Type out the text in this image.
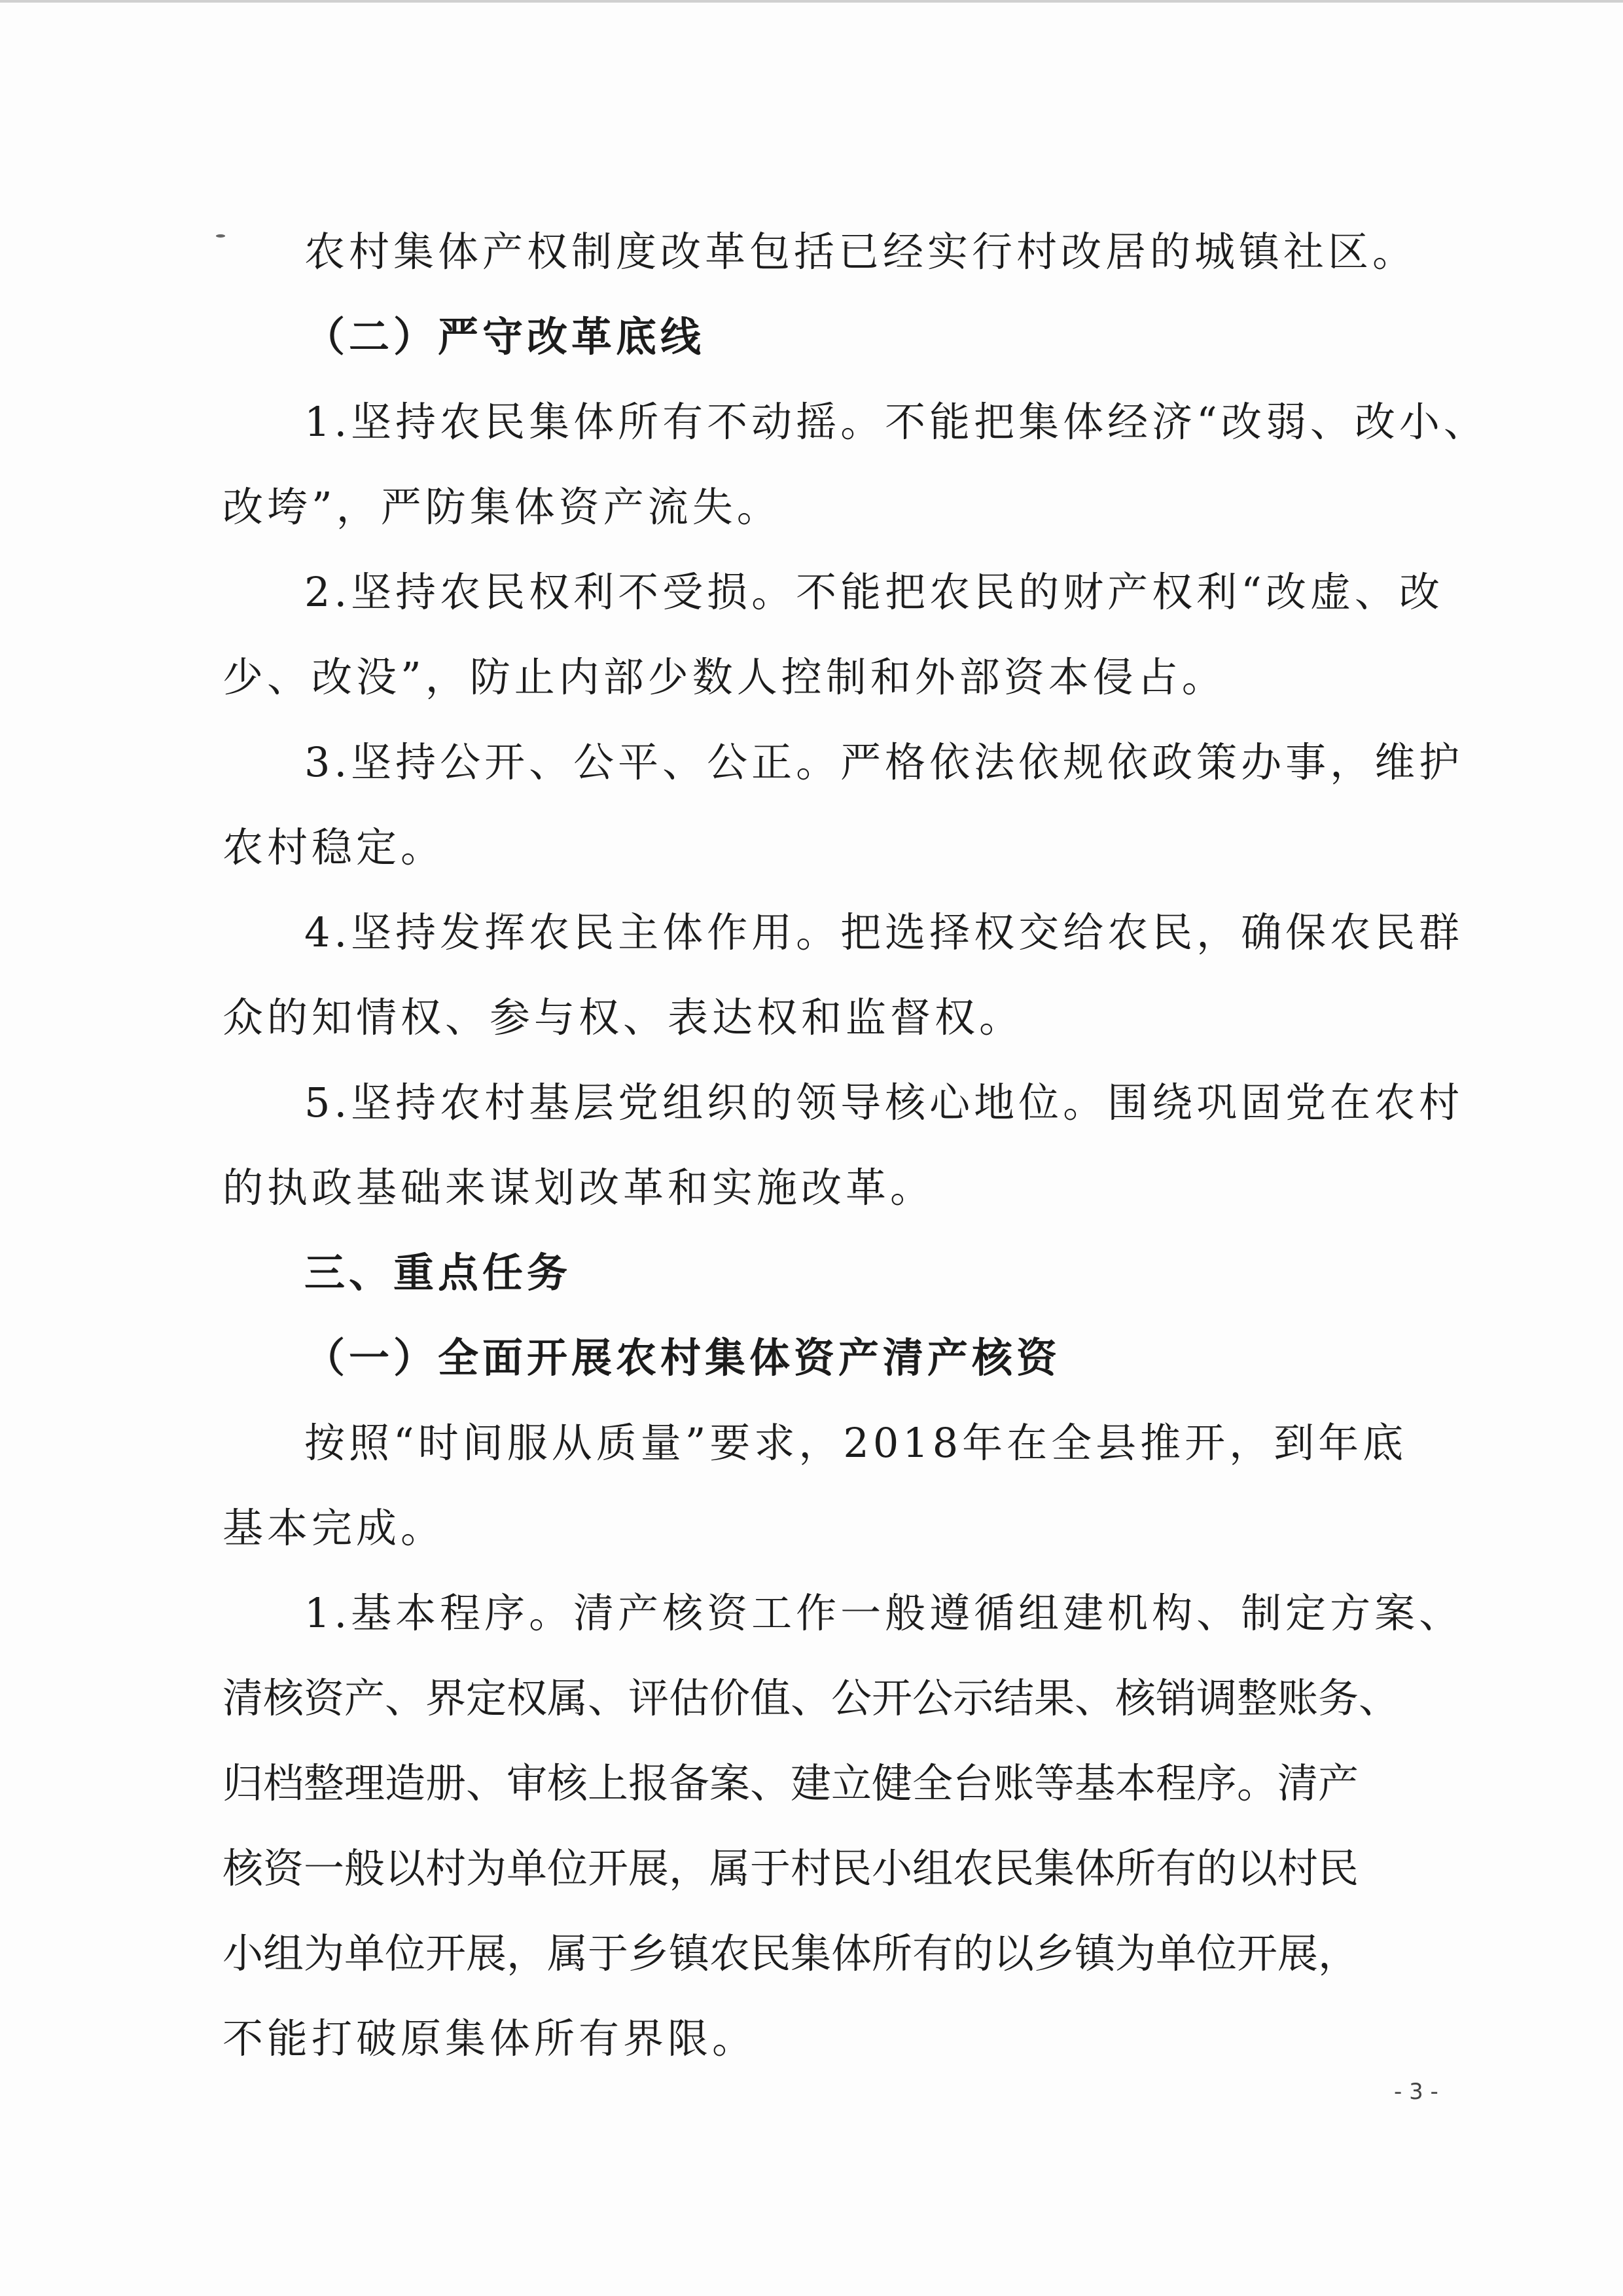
农村集体产权制度改革包括已经实行村改居的城镇社区。
（二）严守改革底线
1.坚持农民集体所有不动摇。不能把集体经济“改弱、改小、
改垮”，严防集体资产流失。
2.坚持农民权利不受损。不能把农民的财产权利“改虚、改
少、改没”，防止内部少数人控制和外部资本侵占。
3.坚持公开、公平、公正。严格依法依规依政策办事，维护
农村稳定。
4.坚持发挥农民主体作用。把选择权交给农民，确保农民群
众的知情权、参与权、表达权和监督权。
5.坚持农村基层党组织的领导核心地位。围绕巩固党在农村
的执政基础来谋划改革和实施改革。
三、重点任务
（一）全面开展农村集体资产清产核资
按照“时间服从质量”要求，2018年在全县推开，到年底
基本完成。
1.基本程序。清产核资工作一般遵循组建机构、制定方案、
清核资产、界定权属、评估价值、公开公示结果、核销调整账务、
归档整理造册、审核上报备案、建立健全台账等基本程序。清产
核资一般以村为单位开展，属于村民小组农民集体所有的以村民
小组为单位开展，属于乡镇农民集体所有的以乡镇为单位开展，
不能打破原集体所有界限。
- 3 -
